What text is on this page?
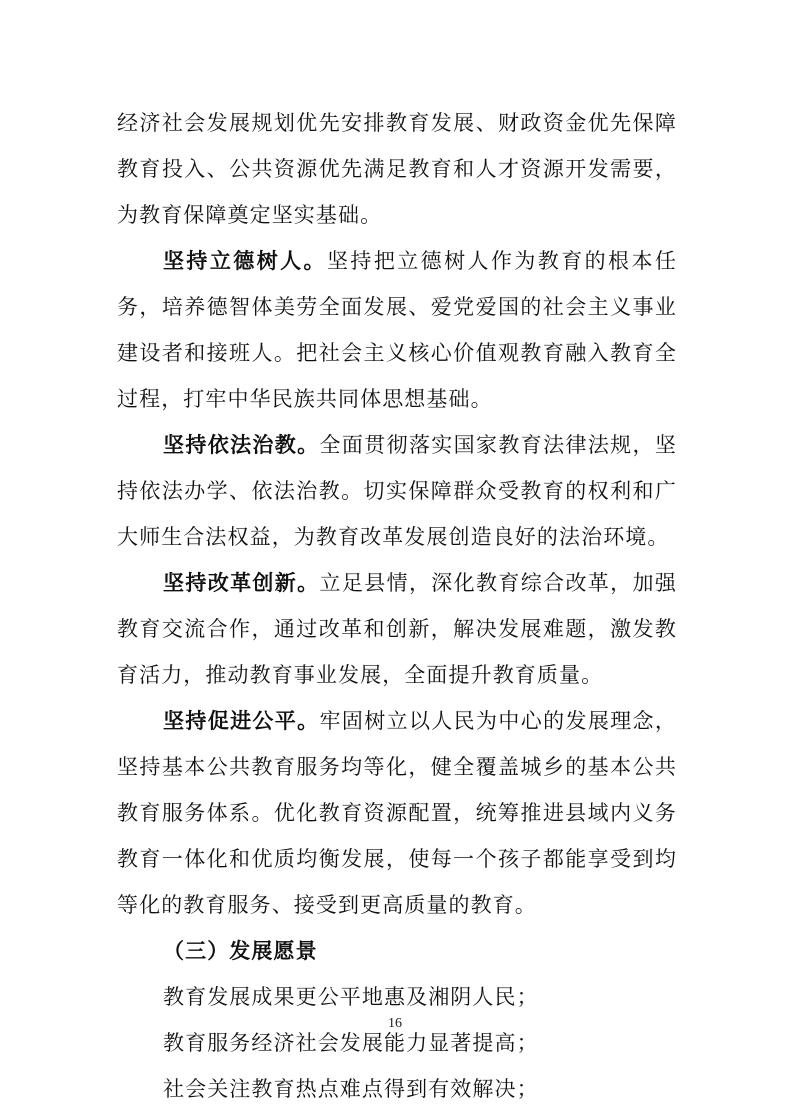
经济社会发展规划优先安排教育发展、财政资金优先保障教育投入、公共资源优先满足教育和人才资源开发需要，为教育保障奠定坚实基础。

坚持立德树人。坚持把立德树人作为教育的根本任务，培养德智体美劳全面发展、爱党爱国的社会主义事业建设者和接班人。把社会主义核心价值观教育融入教育全过程，打牢中华民族共同体思想基础。

坚持依法治教。全面贯彻落实国家教育法律法规，坚持依法办学、依法治教。切实保障群众受教育的权利和广大师生合法权益，为教育改革发展创造良好的法治环境。

坚持改革创新。立足县情，深化教育综合改革，加强教育交流合作，通过改革和创新，解决发展难题，激发教育活力，推动教育事业发展，全面提升教育质量。

坚持促进公平。牢固树立以人民为中心的发展理念，坚持基本公共教育服务均等化，健全覆盖城乡的基本公共教育服务体系。优化教育资源配置，统筹推进县域内义务教育一体化和优质均衡发展，使每一个孩子都能享受到均等化的教育服务、接受到更高质量的教育。

（三）发展愿景

教育发展成果更公平地惠及湘阴人民；

教育服务经济社会发展能力显著提高；

社会关注教育热点难点得到有效解决；

16
